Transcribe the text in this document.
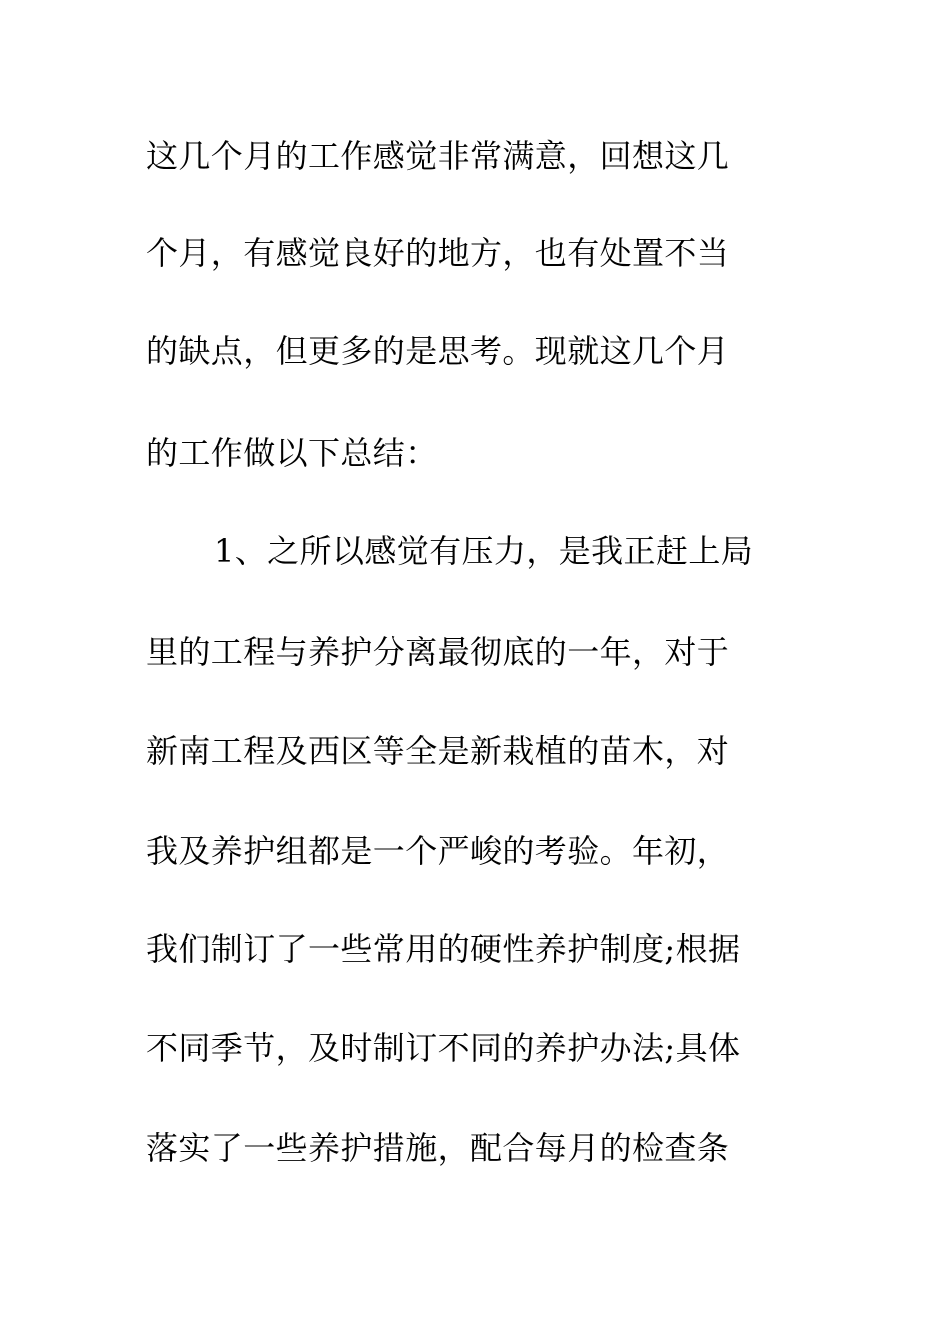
这几个月的工作感觉非常满意，回想这几
个月，有感觉良好的地方，也有处置不当
的缺点，但更多的是思考。现就这几个月
的工作做以下总结：
1、之所以感觉有压力，是我正赶上局
里的工程与养护分离最彻底的一年，对于
新南工程及西区等全是新栽植的苗木，对
我及养护组都是一个严峻的考验。年初，
我们制订了一些常用的硬性养护制度;根据
不同季节，及时制订不同的养护办法;具体
落实了一些养护措施，配合每月的检查条
